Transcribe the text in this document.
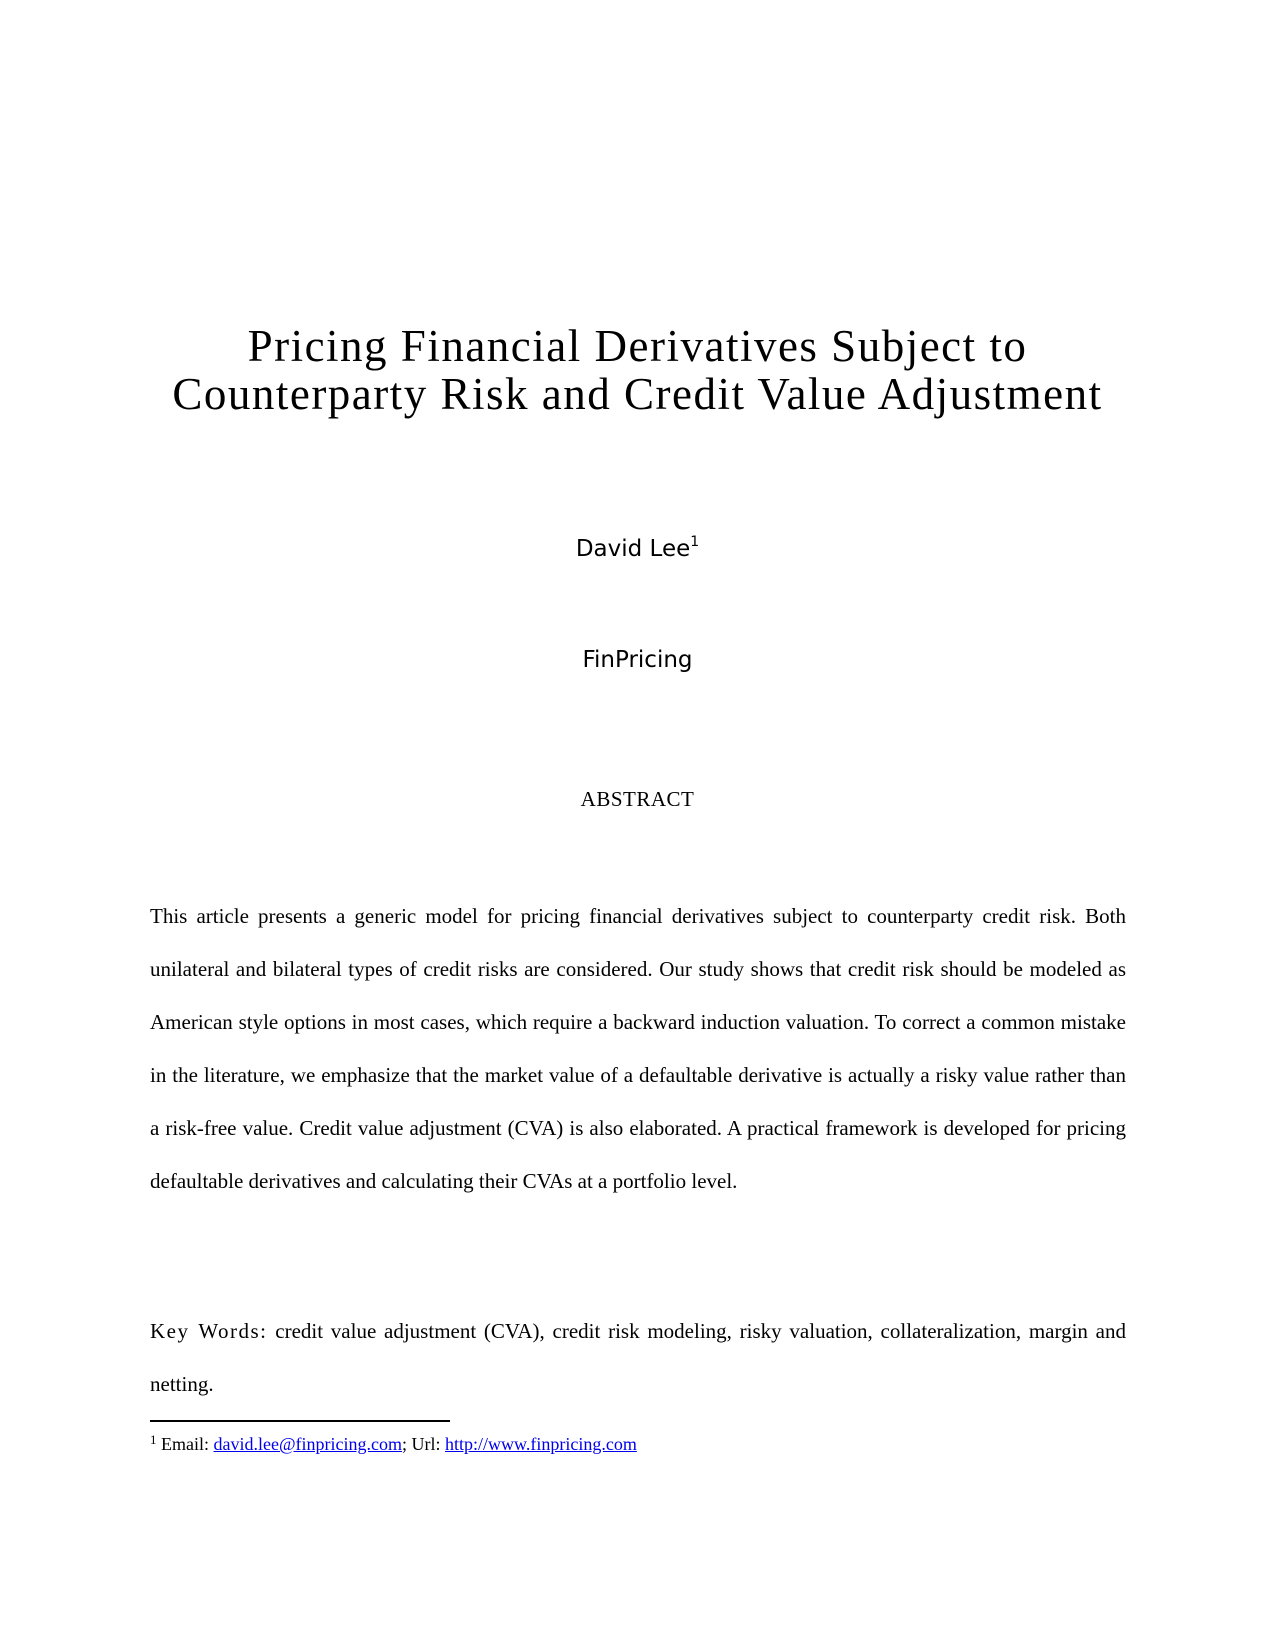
Pricing Financial Derivatives Subject to
Counterparty Risk and Credit Value Adjustment
David Lee$^1$
FinPricing
ABSTRACT
This article presents a generic model for pricing financial derivatives subject to counterparty credit risk. Both unilateral and bilateral types of credit risks are considered. Our study shows that credit risk should be modeled as American style options in most cases, which require a backward induction valuation. To correct a common mistake in the literature, we emphasize that the market value of a defaultable derivative is actually a risky value rather than a risk-free value. Credit value adjustment (CVA) is also elaborated. A practical framework is developed for pricing defaultable derivatives and calculating their CVAs at a portfolio level.
Key Words: credit value adjustment (CVA), credit risk modeling, risky valuation, collateralization, margin and netting.
$^1$ Email: david.lee@finpricing.com; Url: http://www.finpricing.com
